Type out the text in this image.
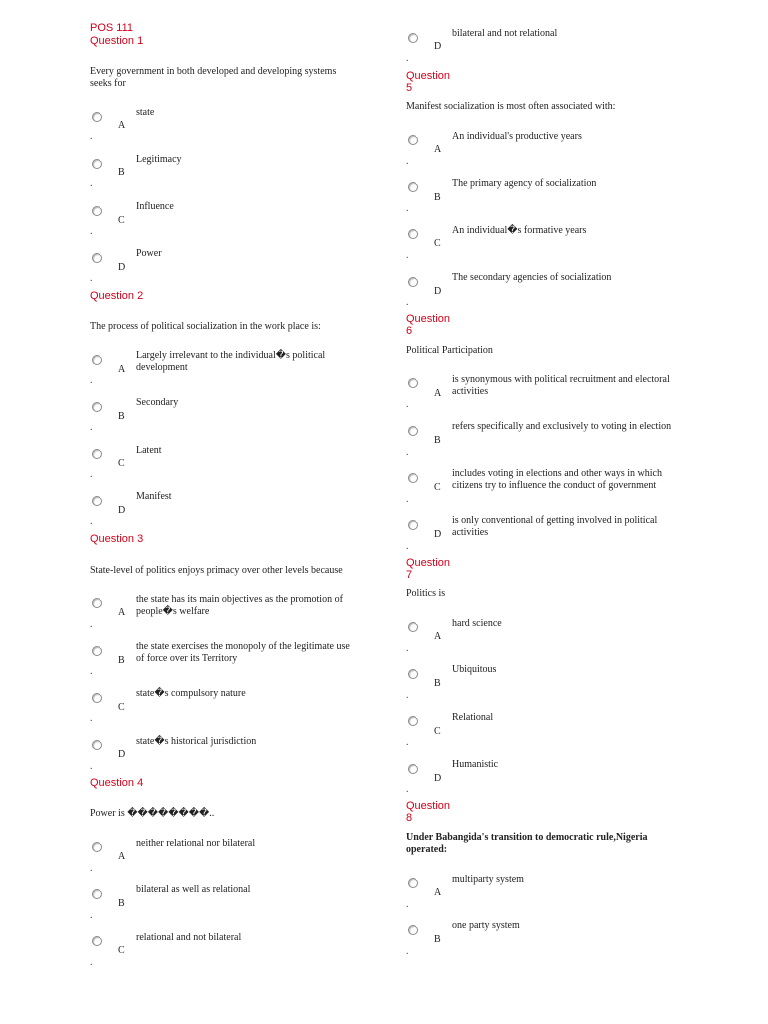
POS 111
Question 1
Every government in both developed and developing systems seeks for
A
state
.
B
Legitimacy
.
C
Influence
.
D
Power
.
Question 2
The process of political socialization in the work place is:
A
Largely irrelevant to the individual�s political development
.
B
Secondary
.
C
Latent
.
D
Manifest
.
Question 3
State-level of politics enjoys primacy over other levels because
A
the state has its main objectives as the promotion of people�s welfare
.
B
the state exercises the monopoly of the legitimate use of force over its Territory
.
C
state�s compulsory nature
.
D
state�s historical jurisdiction
.
Question 4
Power is ��������..
A
neither relational nor bilateral
.
B
bilateral as well as relational
.
C
relational and not bilateral
.
D
bilateral and not relational
.
Question 5
Manifest socialization is most often associated with:
A
An individual's productive years
.
B
The primary agency of socialization
.
C
An individual�s formative years
.
D
The secondary agencies of socialization
.
Question 6
Political Participation
A
is synonymous with political recruitment and electoral activities
.
B
refers specifically and exclusively to voting in election
.
C
includes voting in elections and other ways in which citizens try to influence the conduct of government
.
D
is only conventional of getting involved in political activities
.
Question 7
Politics is
A
hard science
.
B
Ubiquitous
.
C
Relational
.
D
Humanistic
.
Question 8
Under Babangida's transition to democratic rule,Nigeria operated:
A
multiparty system
.
B
one party system
.
